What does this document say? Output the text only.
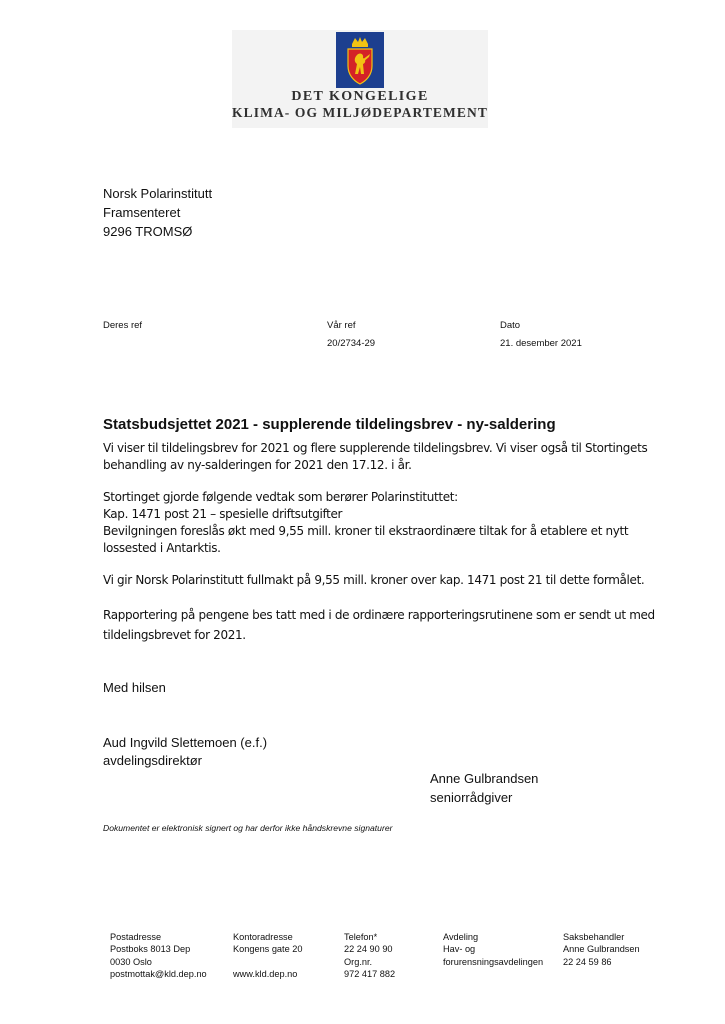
DET KONGELIGE
KLIMA- OG MILJØDEPARTEMENT
Norsk Polarinstitutt
Framsenteret
9296 TROMSØ
Deres ref	Vår ref
20/2734-29
Dato
21. desember 2021
Statsbudsjettet 2021 - supplerende tildelingsbrev - ny-saldering
Vi viser til tildelingsbrev for 2021 og flere supplerende tildelingsbrev. Vi viser også til Stortingets
behandling av ny-salderingen for 2021 den 17.12. i år.
Stortinget gjorde følgende vedtak som berører Polarinstituttet:
Kap. 1471 post 21 – spesielle driftsutgifter
Bevilgningen foreslås økt med 9,55 mill. kroner til ekstraordinære tiltak for å etablere et nytt
lossested i Antarktis.
Vi gir Norsk Polarinstitutt fullmakt på 9,55 mill. kroner over kap. 1471 post 21 til dette formålet.
Rapportering på pengene bes tatt med i de ordinære rapporteringsrutinene som er sendt ut med
tildelingsbrevet for 2021.
Med hilsen
Aud Ingvild Slettemoen (e.f.)
avdelingsdirektør
Anne Gulbrandsen
seniorrådgiver
Dokumentet er elektronisk signert og har derfor ikke håndskrevne signaturer
Postadresse
Postboks 8013 Dep
0030 Oslo
postmottak@kld.dep.no
Kontoradresse
Kongens gate 20
www.kld.dep.no
Telefon*
22 24 90 90
Org.nr.
972 417 882
Avdeling
Hav- og
forurensningsavdelingen
Saksbehandler
Anne Gulbrandsen
22 24 59 86
